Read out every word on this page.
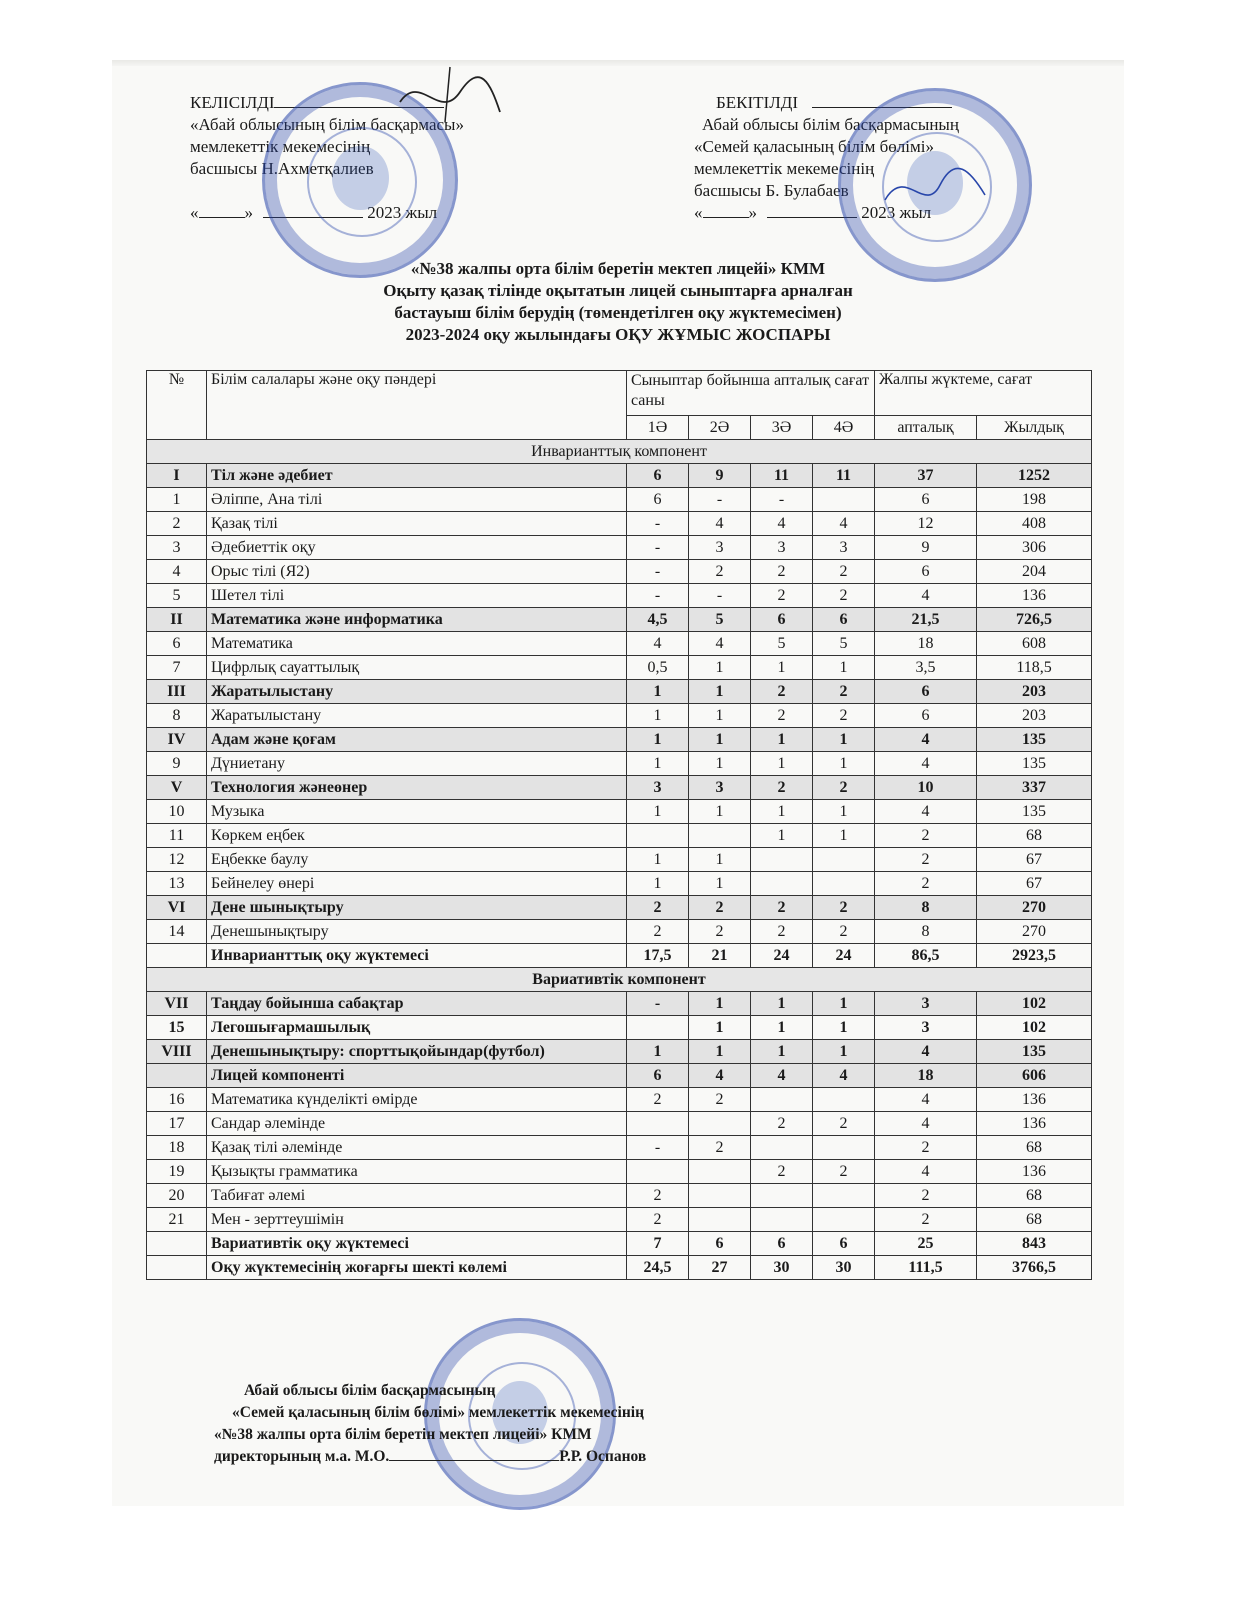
КЕЛІСІЛДІ
«Абай облысының білім басқармасы»
мемлекеттік мекемесінің
басшысы Н.Ахметқалиев
«	»	2023 жыл
БЕКІТІЛДІ
Абай облысы білім басқармасының
«Семей қаласының білім бөлімі»
мемлекеттік мекемесінің
басшысы Б. Булабаев
«	»	2023 жыл
«№38 жалпы орта білім беретін мектеп лицейі» КММ
Оқыту қазақ тілінде оқытатын лицей сыныптарға арналған
бастауыш білім берудің (төмендетілген оқу жүктемесімен)
2023-2024 оқу жылындағы ОҚУ ЖҰМЫС ЖОСПАРЫ
№	Білім салалары және оқу пәндері	Сыныптар бойынша апталық сағат саны				Жалпы жүктеме, сағат	
		1Ә	2Ә	3Ә	4Ә	апталық	Жылдық
Инварианттық компонент							
I	Тіл және әдебиет	6	9	11	11	37	1252
1	Әліппе, Ана тілі	6	-	-		6	198
2	Қазақ тілі	-	4	4	4	12	408
3	Әдебиеттік оқу	-	3	3	3	9	306
4	Орыс тілі (Я2)	-	2	2	2	6	204
5	Шетел тілі	-	-	2	2	4	136
II	Математика және информатика	4,5	5	6	6	21,5	726,5
6	Математика	4	4	5	5	18	608
7	Цифрлық сауаттылық	0,5	1	1	1	3,5	118,5
III	Жаратылыстану	1	1	2	2	6	203
8	Жаратылыстану	1	1	2	2	6	203
IV	Адам және қоғам	1	1	1	1	4	135
9	Дүниетану	1	1	1	1	4	135
V	Технология жәнеөнер	3	3	2	2	10	337
10	Музыка	1	1	1	1	4	135
11	Көркем еңбек			1	1	2	68
12	Еңбекке баулу	1	1			2	67
13	Бейнелеу өнері	1	1			2	67
VI	Дене шынықтыру	2	2	2	2	8	270
14	Денешынықтыру	2	2	2	2	8	270
	Инварианттық оқу жүктемесі	17,5	21	24	24	86,5	2923,5
Вариативтік компонент							
VII	Таңдау бойынша сабақтар	-	1	1	1	3	102
15	Легошығармашылық		1	1	1	3	102
VIII	Денешынықтыру: спорттықойындар(футбол)	1	1	1	1	4	135
	Лицей компоненті	6	4	4	4	18	606
16	Математика күнделікті өмірде	2	2			4	136
17	Сандар әлемінде			2	2	4	136
18	Қазақ тілі әлемінде	-	2			2	68
19	Қызықты грамматика			2	2	4	136
20	Табиғат әлемі	2				2	68
21	Мен - зерттеушімін	2				2	68
	Вариативтік оқу жүктемесі	7	6	6	6	25	843
	Оқу жүктемесінің жоғарғы шекті көлемі	24,5	27	30	30	111,5	3766,5
Абай облысы білім басқармасының
«Семей қаласының білім бөлімі» мемлекеттік мекемесінің
«№38 жалпы орта білім беретін мектеп лицейі» КММ
директорының м.а. М.О.	Р.Р. Оспанов
